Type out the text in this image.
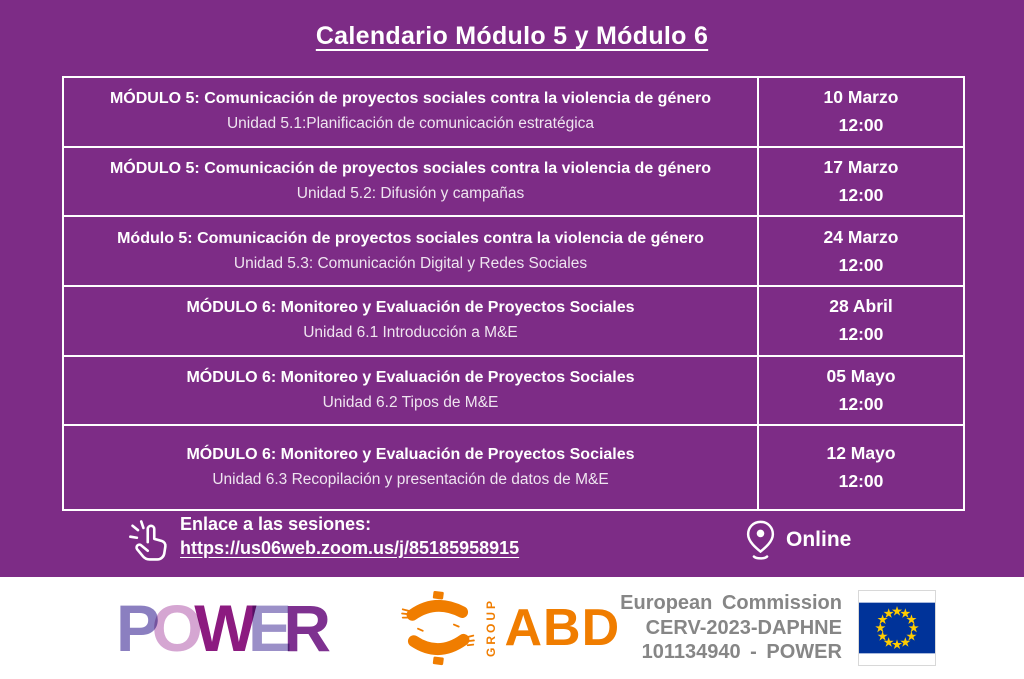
Calendario Módulo 5 y Módulo 6
MÓDULO 5: Comunicación de proyectos sociales contra la violencia de género
Unidad 5.1:Planificación de comunicación estratégica
10 Marzo
12:00
MÓDULO 5: Comunicación de proyectos sociales contra la violencia de género
Unidad 5.2: Difusión y campañas
17 Marzo
12:00
Módulo 5: Comunicación de proyectos sociales contra la violencia de género
Unidad 5.3: Comunicación Digital y Redes Sociales
24 Marzo
12:00
MÓDULO 6: Monitoreo y Evaluación de Proyectos Sociales
Unidad 6.1 Introducción a M&E
28 Abril
12:00
MÓDULO 6: Monitoreo y Evaluación de Proyectos Sociales
Unidad 6.2 Tipos de M&E
05 Mayo
12:00
MÓDULO 6: Monitoreo y Evaluación de Proyectos Sociales
Unidad 6.3 Recopilación y presentación de datos de M&E
12 Mayo
12:00
Enlace a las sesiones:
https://us06web.zoom.us/j/85185958915	Online
POWER	GROUP ABD European Commission
CERV-2023-DAPHNE
101134940 - POWER
